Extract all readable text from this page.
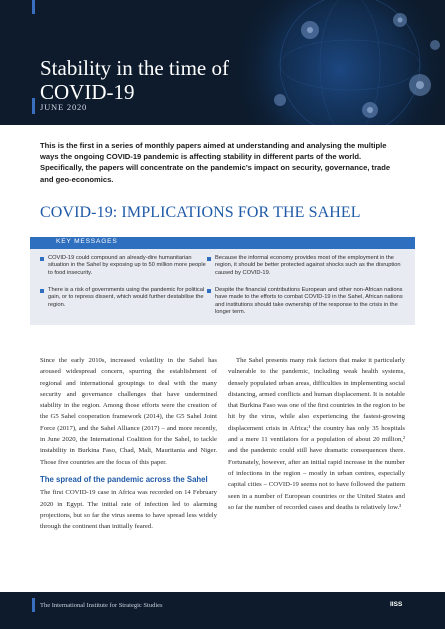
Stability in the time of COVID-19
JUNE 2020

This is the first in a series of monthly papers aimed at understanding and analysing the multiple ways the ongoing COVID-19 pandemic is affecting stability in different parts of the world. Specifically, the papers will concentrate on the pandemic’s impact on security, governance, trade and geo-economics.

COVID-19: IMPLICATIONS FOR THE SAHEL
KEY MESSAGES
COVID-19 could compound an already-dire humanitarian situation in the Sahel by exposing up to 50 million more people to food insecurity.
There is a risk of governments using the pandemic for political gain, or to repress dissent, which would further destabilise the region.
Because the informal economy provides most of the employment in the region, it should be better protected against shocks such as the disruption caused by COVID-19.
Despite the financial contributions European and other non-African nations have made to the efforts to combat COVID-19 in the Sahel, African nations and institutions should take ownership of the response to the crisis in the longer term.

Since the early 2010s, increased volatility in the Sahel has aroused widespread concern, spurring the establishment of regional and international groupings to deal with the many security and governance challenges that have undermined stability in the region. Among those efforts were the creation of the G5 Sahel cooperation framework (2014), the G5 Sahel Joint Force (2017), and the Sahel Alliance (2017) – and more recently, in June 2020, the International Coalition for the Sahel, to tackle instability in Burkina Faso, Chad, Mali, Mauritania and Niger. Those five countries are the focus of this paper.

The spread of the pandemic across the Sahel

The first COVID-19 case in Africa was recorded on 14 February 2020 in Egypt. The initial rate of infection led to alarming projections, but so far the virus seems to have spread less widely through the continent than initially feared.

The Sahel presents many risk factors that make it particularly vulnerable to the pandemic, including weak health systems, densely populated urban areas, difficulties in implementing social distancing, armed conflicts and human displacement. It is notable that Burkina Faso was one of the first countries in the region to be hit by the virus, while also experiencing the fastest-growing displacement crisis in Africa;¹ the country has only 35 hospitals and a mere 11 ventilators for a population of about 20 million,² and the pandemic could still have dramatic consequences there. Fortunately, however, after an initial rapid increase in the number of infections in the region – mostly in urban centres, especially capital cities – COVID-19 seems not to have followed the pattern seen in a number of European countries or the United States and so far the number of recorded cases and deaths is relatively low.³

The International Institute for Strategic Studies	IISS
